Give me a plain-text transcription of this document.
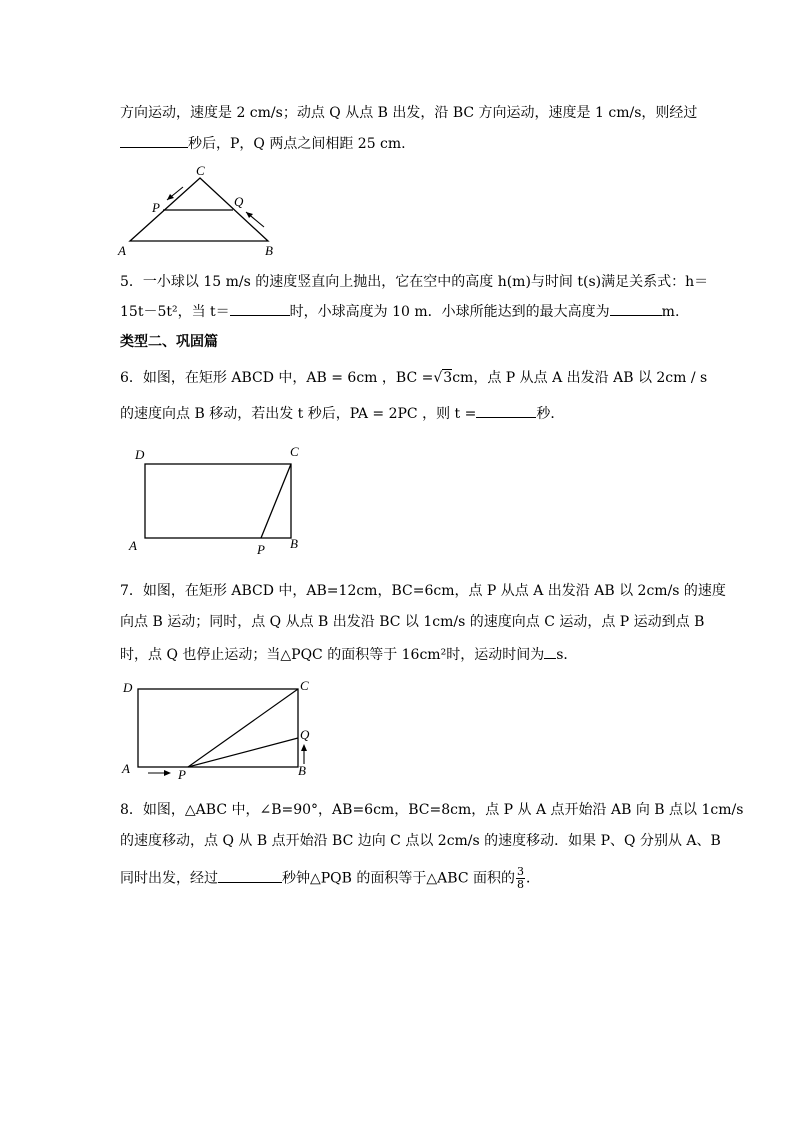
方向运动，速度是 2 cm/s；动点 Q 从点 B 出发，沿 BC 方向运动，速度是 1 cm/s，则经过
秒后，P，Q 两点之间相距 25 cm.
C
P	Q
A	B
5．一小球以 15 m/s 的速度竖直向上抛出，它在空中的高度 h(m)与时间 t(s)满足关系式：h＝
15t－5t²，当 t＝	时，小球高度为 10 m．小球所能达到的最大高度为	m.
类型二、巩固篇
6．如图，在矩形 ABCD 中，AB = 6cm ，BC =√3cm，点 P 从点 A 出发沿 AB 以 2cm / s
的速度向点 B 移动，若出发 t 秒后，PA = 2PC ，则 t =	秒．
D	C
A	P B
7．如图，在矩形 ABCD 中，AB=12cm，BC=6cm，点 P 从点 A 出发沿 AB 以 2cm/s 的速度
向点 B 运动；同时，点 Q 从点 B 出发沿 BC 以 1cm/s 的速度向点 C 运动，点 P 运动到点 B
时，点 Q 也停止运动；当△PQC 的面积等于 16cm²时，运动时间为 s．
D	C
Q
A	P	B
8．如图，△ABC 中，∠B=90°，AB=6cm，BC=8cm，点 P 从 A 点开始沿 AB 向 B 点以 1cm/s
的速度移动，点 Q 从 B 点开始沿 BC 边向 C 点以 2cm/s 的速度移动．如果 P、Q 分别从 A、B
同时出发，经过	秒钟△PQB 的面积等于△ABC 面积的 $\frac{3}{8}$ ．
